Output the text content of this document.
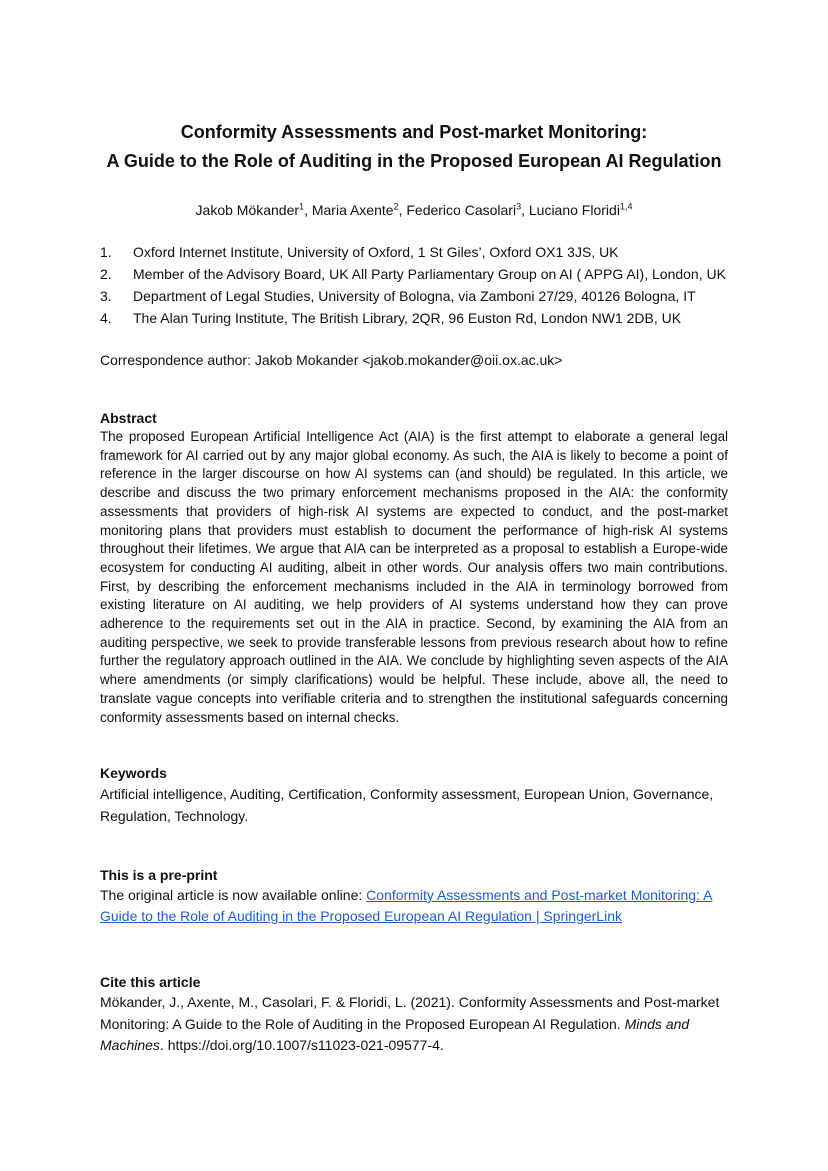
Conformity Assessments and Post-market Monitoring:
A Guide to the Role of Auditing in the Proposed European AI Regulation
Jakob Mökander$^1$, Maria Axente$^2$, Federico Casolari$^3$, Luciano Floridi$^{1,4}$
1.	Oxford Internet Institute, University of Oxford, 1 St Giles’, Oxford OX1 3JS, UK
2.	Member of the Advisory Board, UK All Party Parliamentary Group on AI ( APPG AI), London, UK
3.	Department of Legal Studies, University of Bologna, via Zamboni 27/29, 40126 Bologna, IT
4.	The Alan Turing Institute, The British Library, 2QR, 96 Euston Rd, London NW1 2DB, UK
Correspondence author: Jakob Mokander <jakob.mokander@oii.ox.ac.uk>
Abstract
The proposed European Artificial Intelligence Act (AIA) is the first attempt to elaborate a general legal framework for AI carried out by any major global economy. As such, the AIA is likely to become a point of reference in the larger discourse on how AI systems can (and should) be regulated. In this article, we describe and discuss the two primary enforcement mechanisms proposed in the AIA: the conformity assessments that providers of high-risk AI systems are expected to conduct, and the post-market monitoring plans that providers must establish to document the performance of high-risk AI systems throughout their lifetimes. We argue that AIA can be interpreted as a proposal to establish a Europe-wide ecosystem for conducting AI auditing, albeit in other words. Our analysis offers two main contributions. First, by describing the enforcement mechanisms included in the AIA in terminology borrowed from existing literature on AI auditing, we help providers of AI systems understand how they can prove adherence to the requirements set out in the AIA in practice. Second, by examining the AIA from an auditing perspective, we seek to provide transferable lessons from previous research about how to refine further the regulatory approach outlined in the AIA. We conclude by highlighting seven aspects of the AIA where amendments (or simply clarifications) would be helpful. These include, above all, the need to translate vague concepts into verifiable criteria and to strengthen the institutional safeguards concerning conformity assessments based on internal checks.
Keywords
Artificial intelligence, Auditing, Certification, Conformity assessment, European Union, Governance, Regulation, Technology.
This is a pre-print
The original article is now available online: Conformity Assessments and Post-market Monitoring: A Guide to the Role of Auditing in the Proposed European AI Regulation | SpringerLink
Cite this article
Mökander, J., Axente, M., Casolari, F. & Floridi, L. (2021). Conformity Assessments and Post-market Monitoring: A Guide to the Role of Auditing in the Proposed European AI Regulation. Minds and Machines. https://doi.org/10.1007/s11023-021-09577-4.
